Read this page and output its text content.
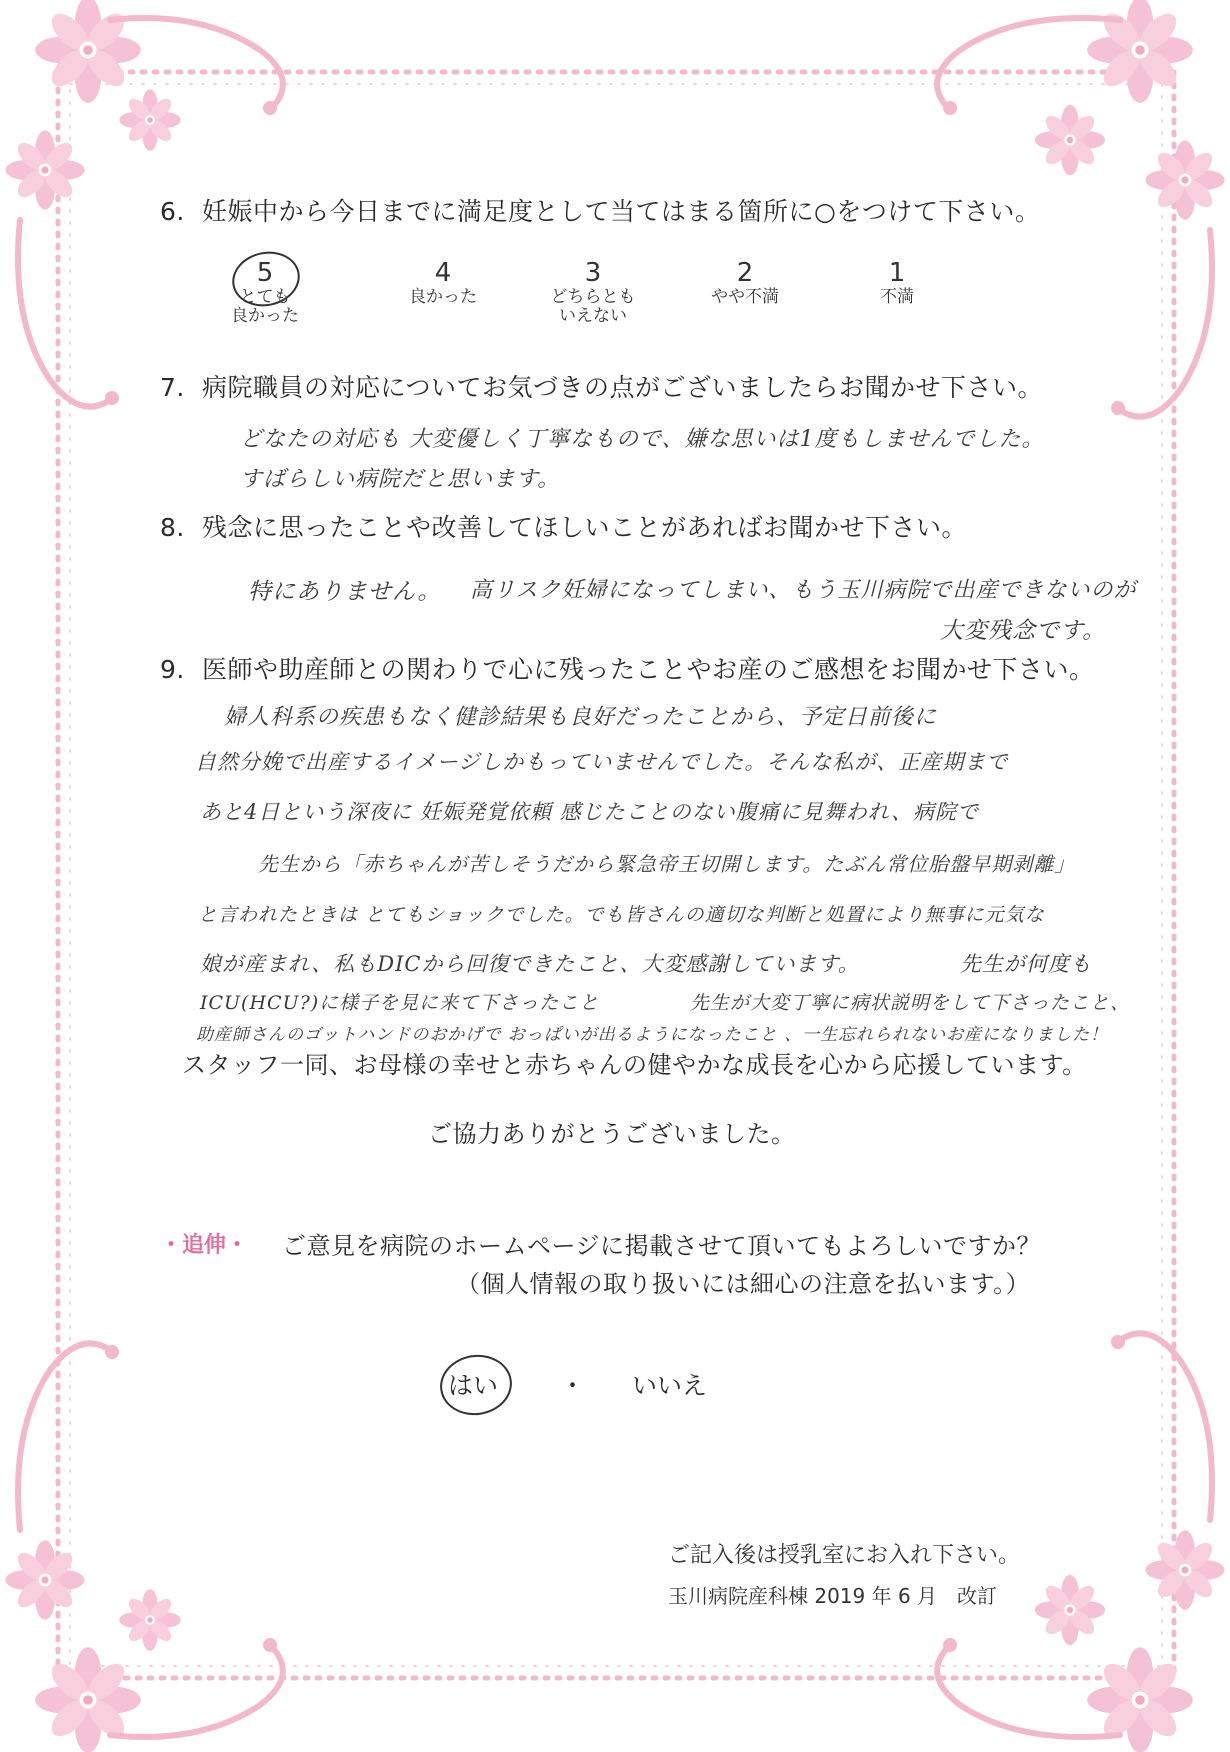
6. 妊娠中から今日までに満足度として当てはまる箇所に○をつけて下さい。
5
とても
良かった
4
良かった
3
どちらとも
いえない
2
やや不満
1
不満
7. 病院職員の対応についてお気づきの点がございましたらお聞かせ下さい。
どなたの対応も 大変優しく丁寧なもので、嫌な思いは1度もしませんでした。
すばらしい病院だと思います。
8. 残念に思ったことや改善してほしいことがあればお聞かせ下さい。
特にありません。 高リスク妊婦になってしまい、もう玉川病院で出産できないのが
大変残念です。
9. 医師や助産師との関わりで心に残ったことやお産のご感想をお聞かせ下さい。
婦人科系の疾患もなく健診結果も良好だったことから、予定日前後に
自然分娩で出産するイメージしかもっていませんでした。そんな私が、正産期まで
あと4日という深夜に 妊娠発覚依頼 感じたことのない腹痛に見舞われ、病院で
先生から「赤ちゃんが苦しそうだから緊急帝王切開します。たぶん常位胎盤早期剥離」
と言われたときは とてもショックでした。でも皆さんの適切な判断と処置により無事に元気な
娘が産まれ、私もDICから回復できたこと、大変感謝しています。	先生が何度も
ICU(HCU?)に様子を見に来て下さったこと	先生が大変丁寧に病状説明をして下さったこと、
助産師さんのゴットハンドのおかげで おっぱいが出るようになったこと 、一生忘れられないお産になりました！
スタッフ一同、お母様の幸せと赤ちゃんの健やかな成長を心から応援しています。
ご協力ありがとうございました。
・追伸・ ご意見を病院のホームページに掲載させて頂いてもよろしいですか？
（個人情報の取り扱いには細心の注意を払います。）
はい ・ いいえ
ご記入後は授乳室にお入れ下さい。
玉川病院産科棟 2019 年 6 月　改訂
